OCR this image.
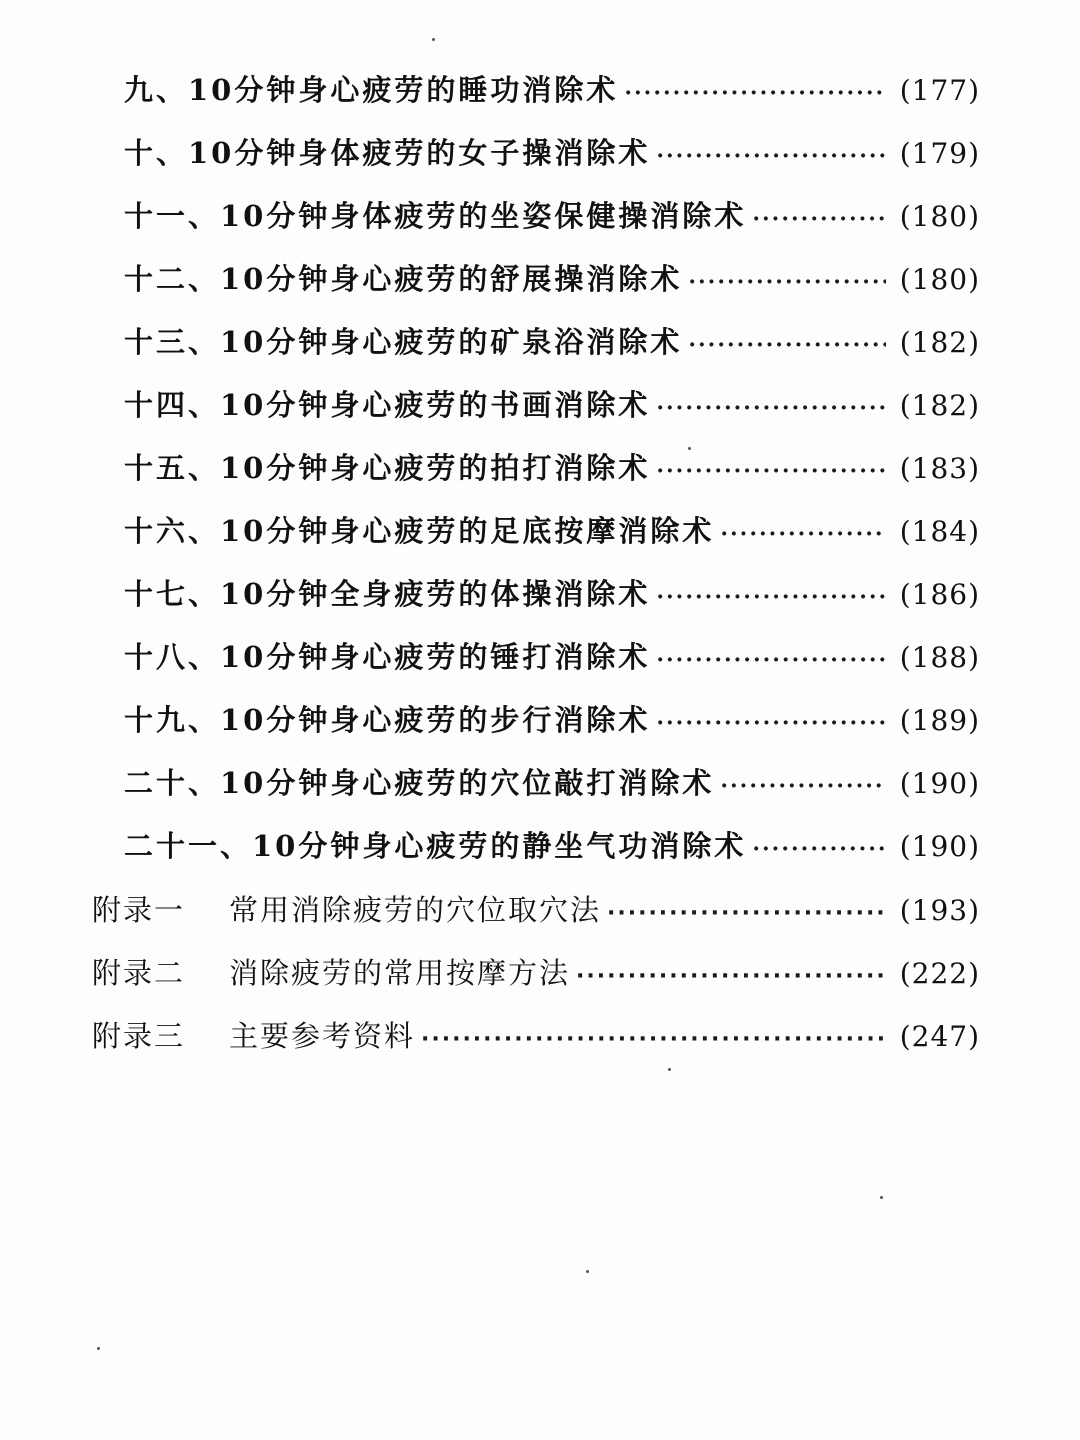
九、10分钟身心疲劳的睡功消除术 ·····	(177)
十、10分钟身体疲劳的女子操消除术 ·····	(179)
十一、10分钟身体疲劳的坐姿保健操消除术 ·····	(180)
十二、10分钟身心疲劳的舒展操消除术 ·····	(180)
十三、10分钟身心疲劳的矿泉浴消除术 ·····	(182)
十四、10分钟身心疲劳的书画消除术 ·····	(182)
十五、10分钟身心疲劳的拍打消除术 ·····	(183)
十六、10分钟身心疲劳的足底按摩消除术 ·····	(184)
十七、10分钟全身疲劳的体操消除术 ·····	(186)
十八、10分钟身心疲劳的锤打消除术 ·····	(188)
十九、10分钟身心疲劳的步行消除术 ·····	(189)
二十、10分钟身心疲劳的穴位敲打消除术 ·····	(190)
二十一、10分钟身心疲劳的静坐气功消除术 ·····	(190)
附录一	常用消除疲劳的穴位取穴法 ·····	(193)
附录二	消除疲劳的常用按摩方法 ·····	(222)
附录三	主要参考资料 ·····	(247)
